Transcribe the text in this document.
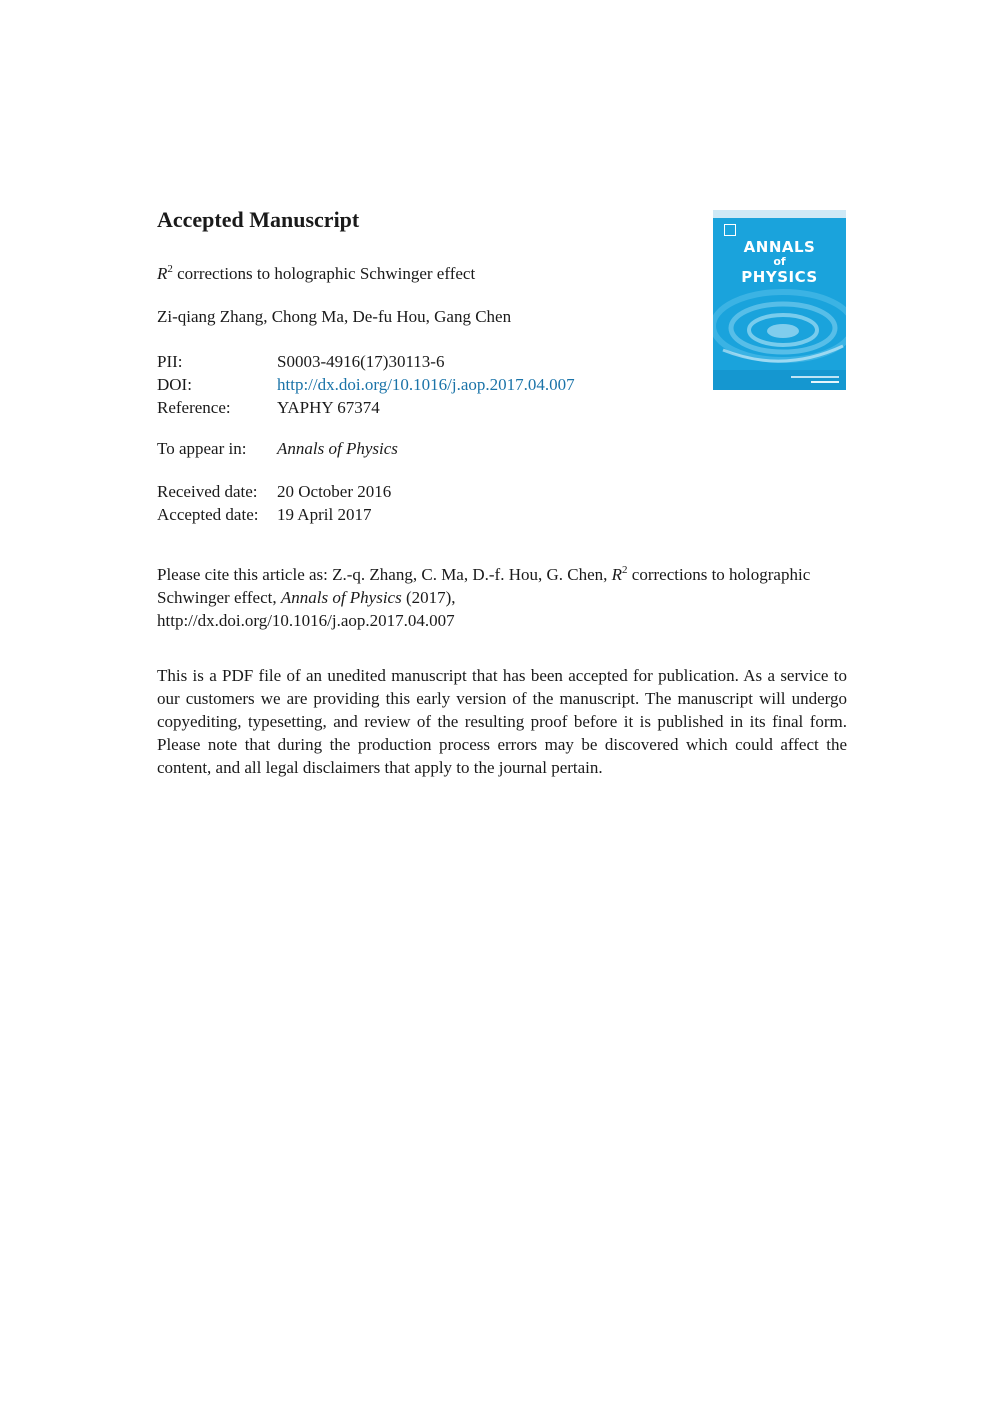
Accepted Manuscript

$R^2$ corrections to holographic Schwinger effect

Zi-qiang Zhang, Chong Ma, De-fu Hou, Gang Chen

PII:	S0003-4916(17)30113-6
DOI:	http://dx.doi.org/10.1016/j.aop.2017.04.007
Reference:	YAPHY 67374
To appear in:	Annals of Physics
Received date:	20 October 2016
Accepted date:	19 April 2017

Please cite this article as: Z.-q. Zhang, C. Ma, D.-f. Hou, G. Chen, $R^2$ corrections to holographic Schwinger effect, Annals of Physics (2017),
http://dx.doi.org/10.1016/j.aop.2017.04.007

This is a PDF file of an unedited manuscript that has been accepted for publication. As a service to our customers we are providing this early version of the manuscript. The manuscript will undergo copyediting, typesetting, and review of the resulting proof before it is published in its final form. Please note that during the production process errors may be discovered which could affect the content, and all legal disclaimers that apply to the journal pertain.

ANNALS
of
PHYSICS
